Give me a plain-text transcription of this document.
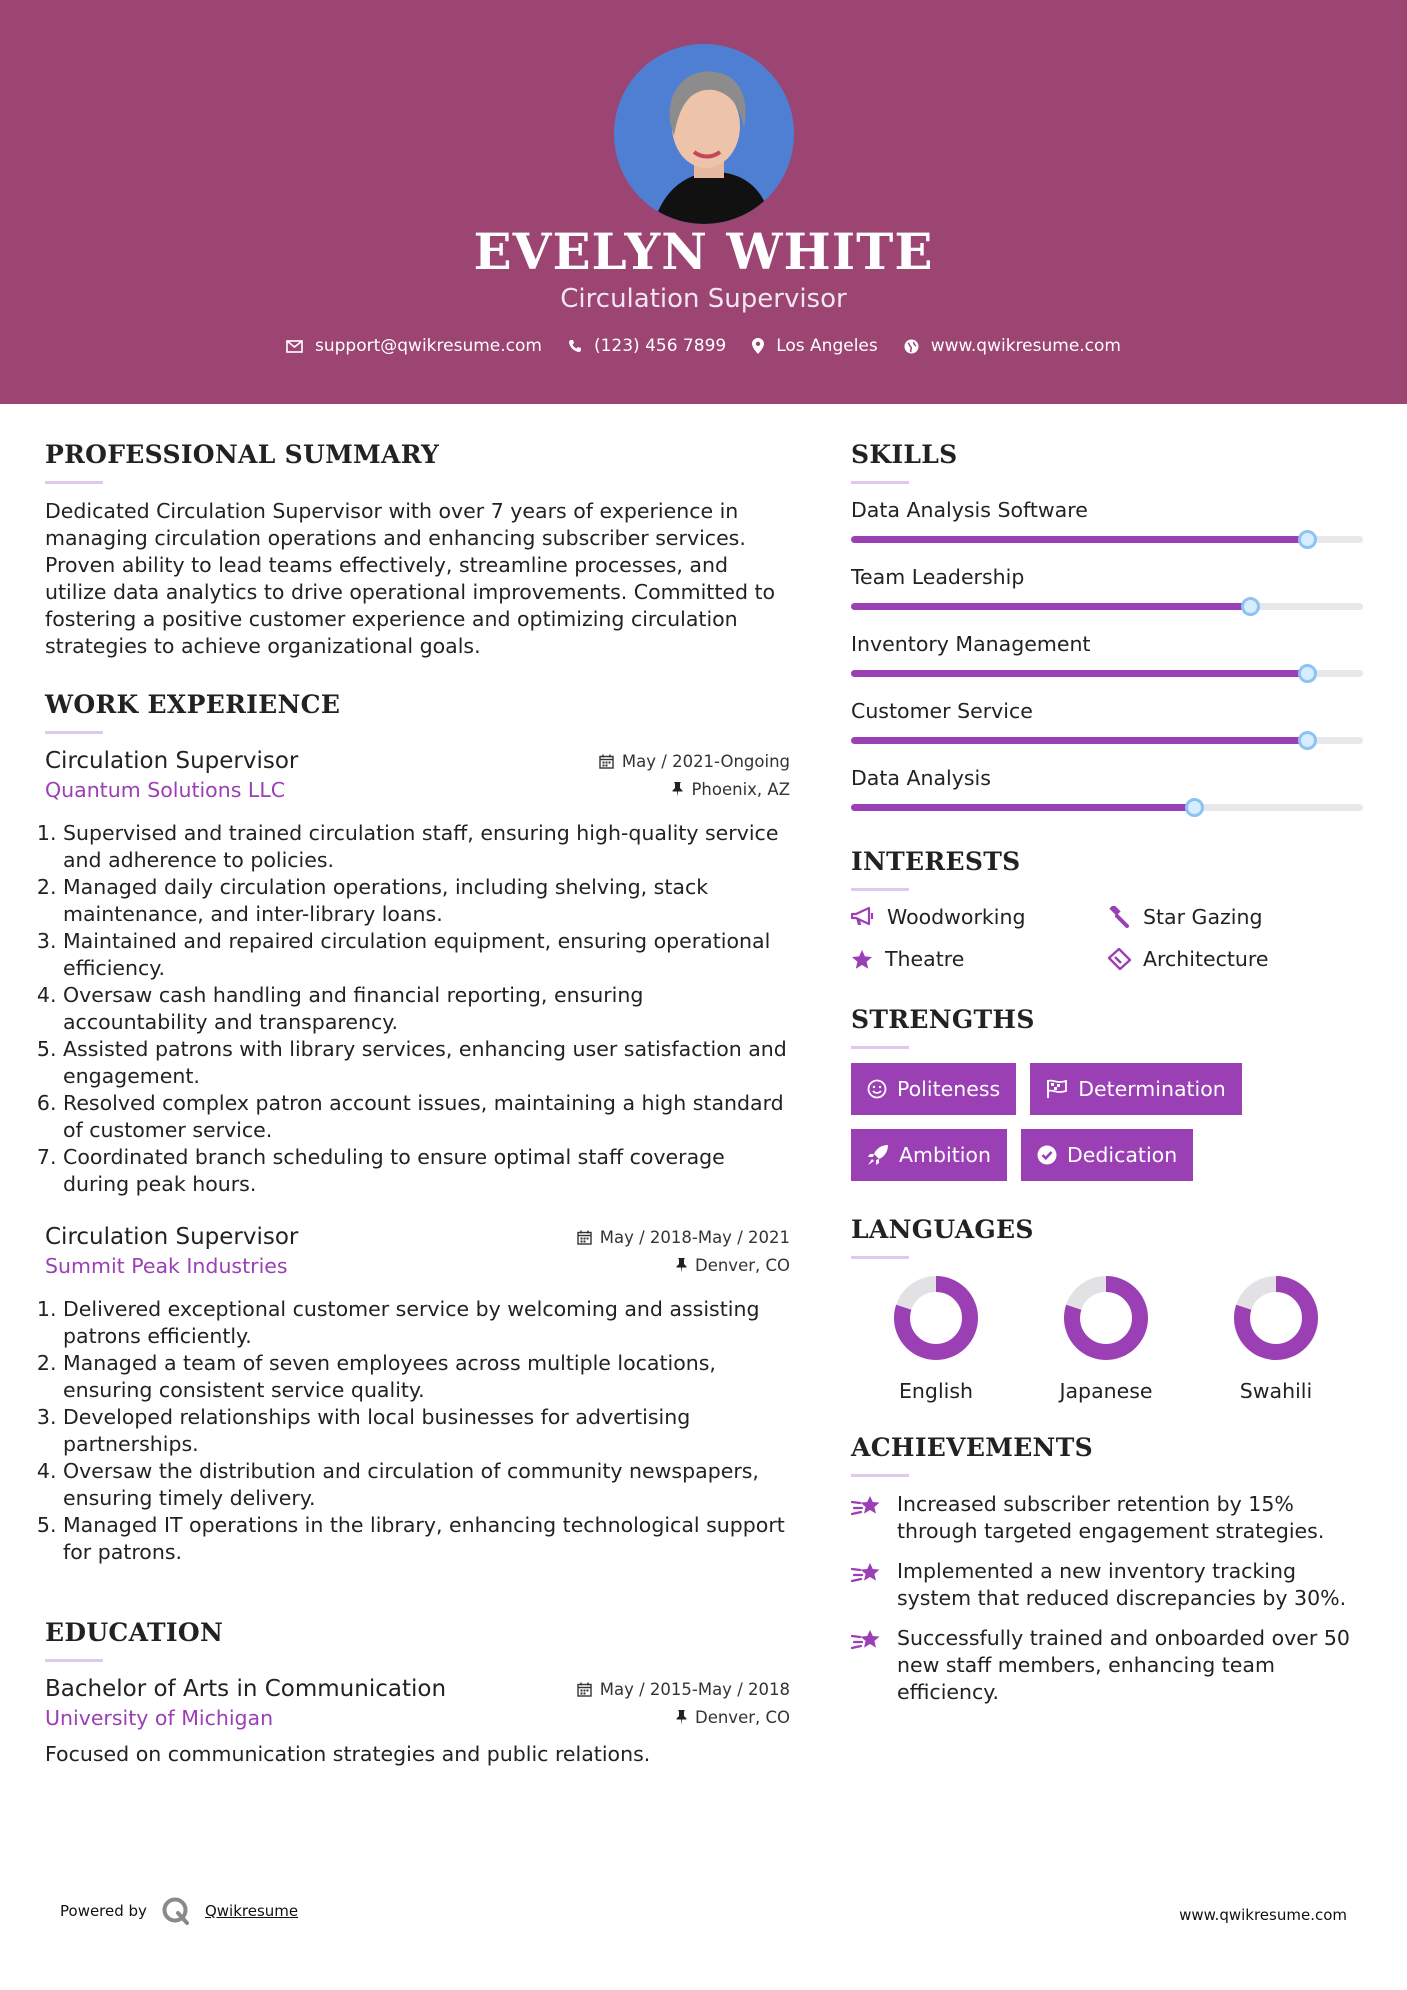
EVELYN WHITE
Circulation Supervisor
support@qwikresume.com	(123) 456 7899	Los Angeles	www.qwikresume.com
PROFESSIONAL SUMMARY

Dedicated Circulation Supervisor with over 7 years of experience in managing circulation operations and enhancing subscriber services. Proven ability to lead teams effectively, streamline processes, and utilize data analytics to drive operational improvements. Committed to fostering a positive customer experience and optimizing circulation strategies to achieve organizational goals.

WORK EXPERIENCE
Circulation Supervisor	May / 2021-Ongoing
Quantum Solutions LLC	Phoenix, AZ
1. Supervised and trained circulation staff, ensuring high-quality service and adherence to policies.
2. Managed daily circulation operations, including shelving, stack maintenance, and inter-library loans.
3. Maintained and repaired circulation equipment, ensuring operational efficiency.
4. Oversaw cash handling and financial reporting, ensuring accountability and transparency.
5. Assisted patrons with library services, enhancing user satisfaction and engagement.
6. Resolved complex patron account issues, maintaining a high standard of customer service.
7. Coordinated branch scheduling to ensure optimal staff coverage during peak hours.
Circulation Supervisor	May / 2018-May / 2021
Summit Peak Industries	Denver, CO
1. Delivered exceptional customer service by welcoming and assisting patrons efficiently.
2. Managed a team of seven employees across multiple locations, ensuring consistent service quality.
3. Developed relationships with local businesses for advertising partnerships.
4. Oversaw the distribution and circulation of community newspapers, ensuring timely delivery.
5. Managed IT operations in the library, enhancing technological support for patrons.
EDUCATION
Bachelor of Arts in Communication	May / 2015-May / 2018
University of Michigan	Denver, CO
Focused on communication strategies and public relations.
SKILLS
Data Analysis Software
Team Leadership
Inventory Management
Customer Service
Data Analysis
INTERESTS
Woodworking	Star Gazing
Theatre	Architecture
STRENGTHS
Politeness	Determination
Ambition	Dedication
LANGUAGES
English	Japanese	Swahili
ACHIEVEMENTS
Increased subscriber retention by 15% through targeted engagement strategies.
Implemented a new inventory tracking system that reduced discrepancies by 30%.
Successfully trained and onboarded over 50 new staff members, enhancing team efficiency.
Powered by	Qwikresume	www.qwikresume.com
